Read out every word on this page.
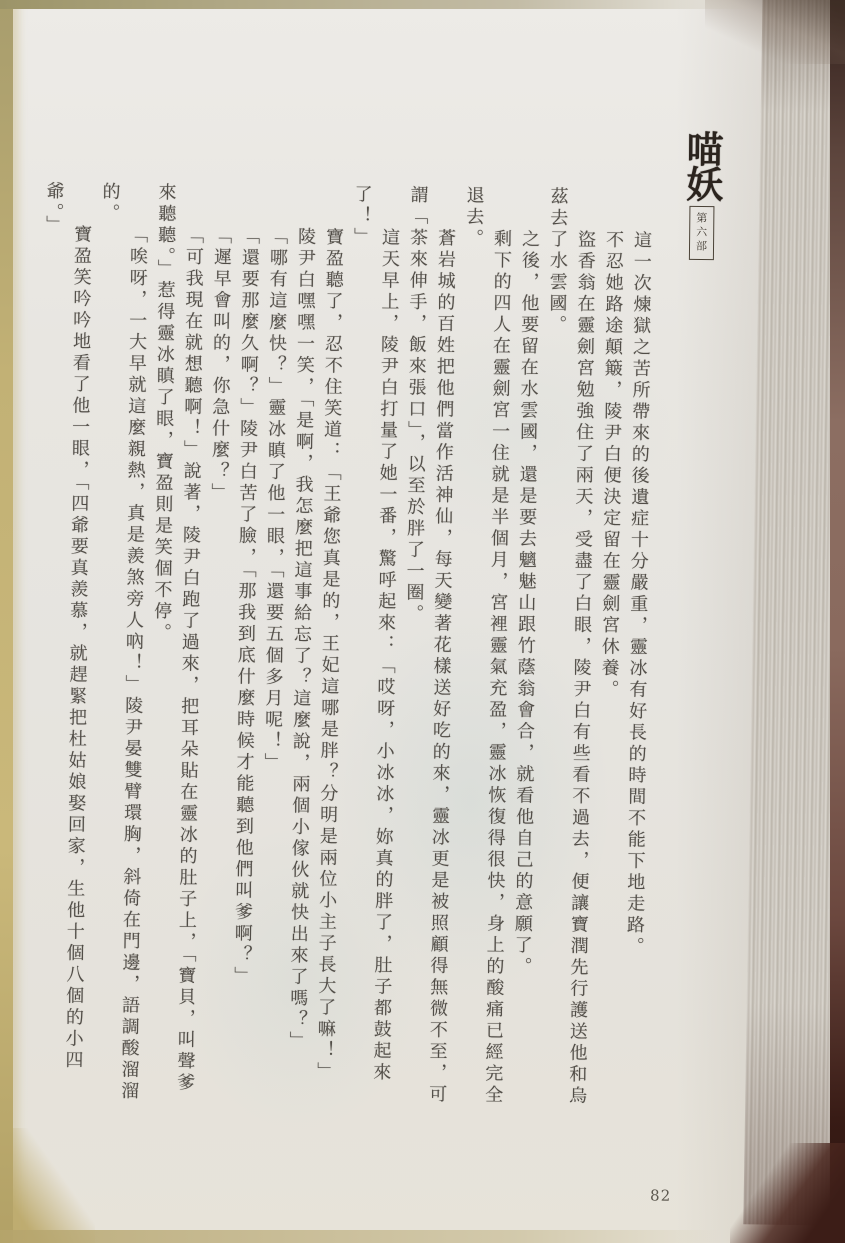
喵妖
第六部

這一次煉獄之苦所帶來的後遺症十分嚴重，靈冰有好長的時間不能下地走路。

不忍她路途顛簸，陵尹白便決定留在靈劍宮休養。

盜香翁在靈劍宮勉強住了兩天，受盡了白眼，陵尹白有些看不過去，便讓寶潤先行護送他和烏茲去了水雲國。

之後，他要留在水雲國，還是要去魑魅山跟竹蔭翁會合，就看他自己的意願了。

剩下的四人在靈劍宮一住就是半個月，宮裡靈氣充盈，靈冰恢復得很快，身上的酸痛已經完全退去。

蒼岩城的百姓把他們當作活神仙，每天變著花樣送好吃的來，靈冰更是被照顧得無微不至，可謂「茶來伸手，飯來張口」，以至於胖了一圈。

這天早上，陵尹白打量了她一番，驚呼起來：「哎呀，小冰冰，妳真的胖了，肚子都鼓起來了！」

寶盈聽了，忍不住笑道：「王爺您真是的，王妃這哪是胖？分明是兩位小主子長大了嘛！」

陵尹白嘿嘿一笑，「是啊，我怎麼把這事給忘了？這麼說，兩個小傢伙就快出來了嗎？」

「哪有這麼快？」靈冰瞋了他一眼，「還要五個多月呢！」

「還要那麼久啊？」陵尹白苦了臉，「那我到底什麼時候才能聽到他們叫爹啊？」

「遲早會叫的，你急什麼？」

「可我現在就想聽啊！」說著，陵尹白跑了過來，把耳朵貼在靈冰的肚子上，「寶貝，叫聲爹來聽聽。」惹得靈冰瞋了眼，寶盈則是笑個不停。

「唉呀，一大早就這麼親熱，真是羨煞旁人吶！」陵尹晏雙臂環胸，斜倚在門邊，語調酸溜溜的。

寶盈笑吟吟地看了他一眼，「四爺要真羨慕，就趕緊把杜姑娘娶回家，生他十個八個的小四爺。」

82
